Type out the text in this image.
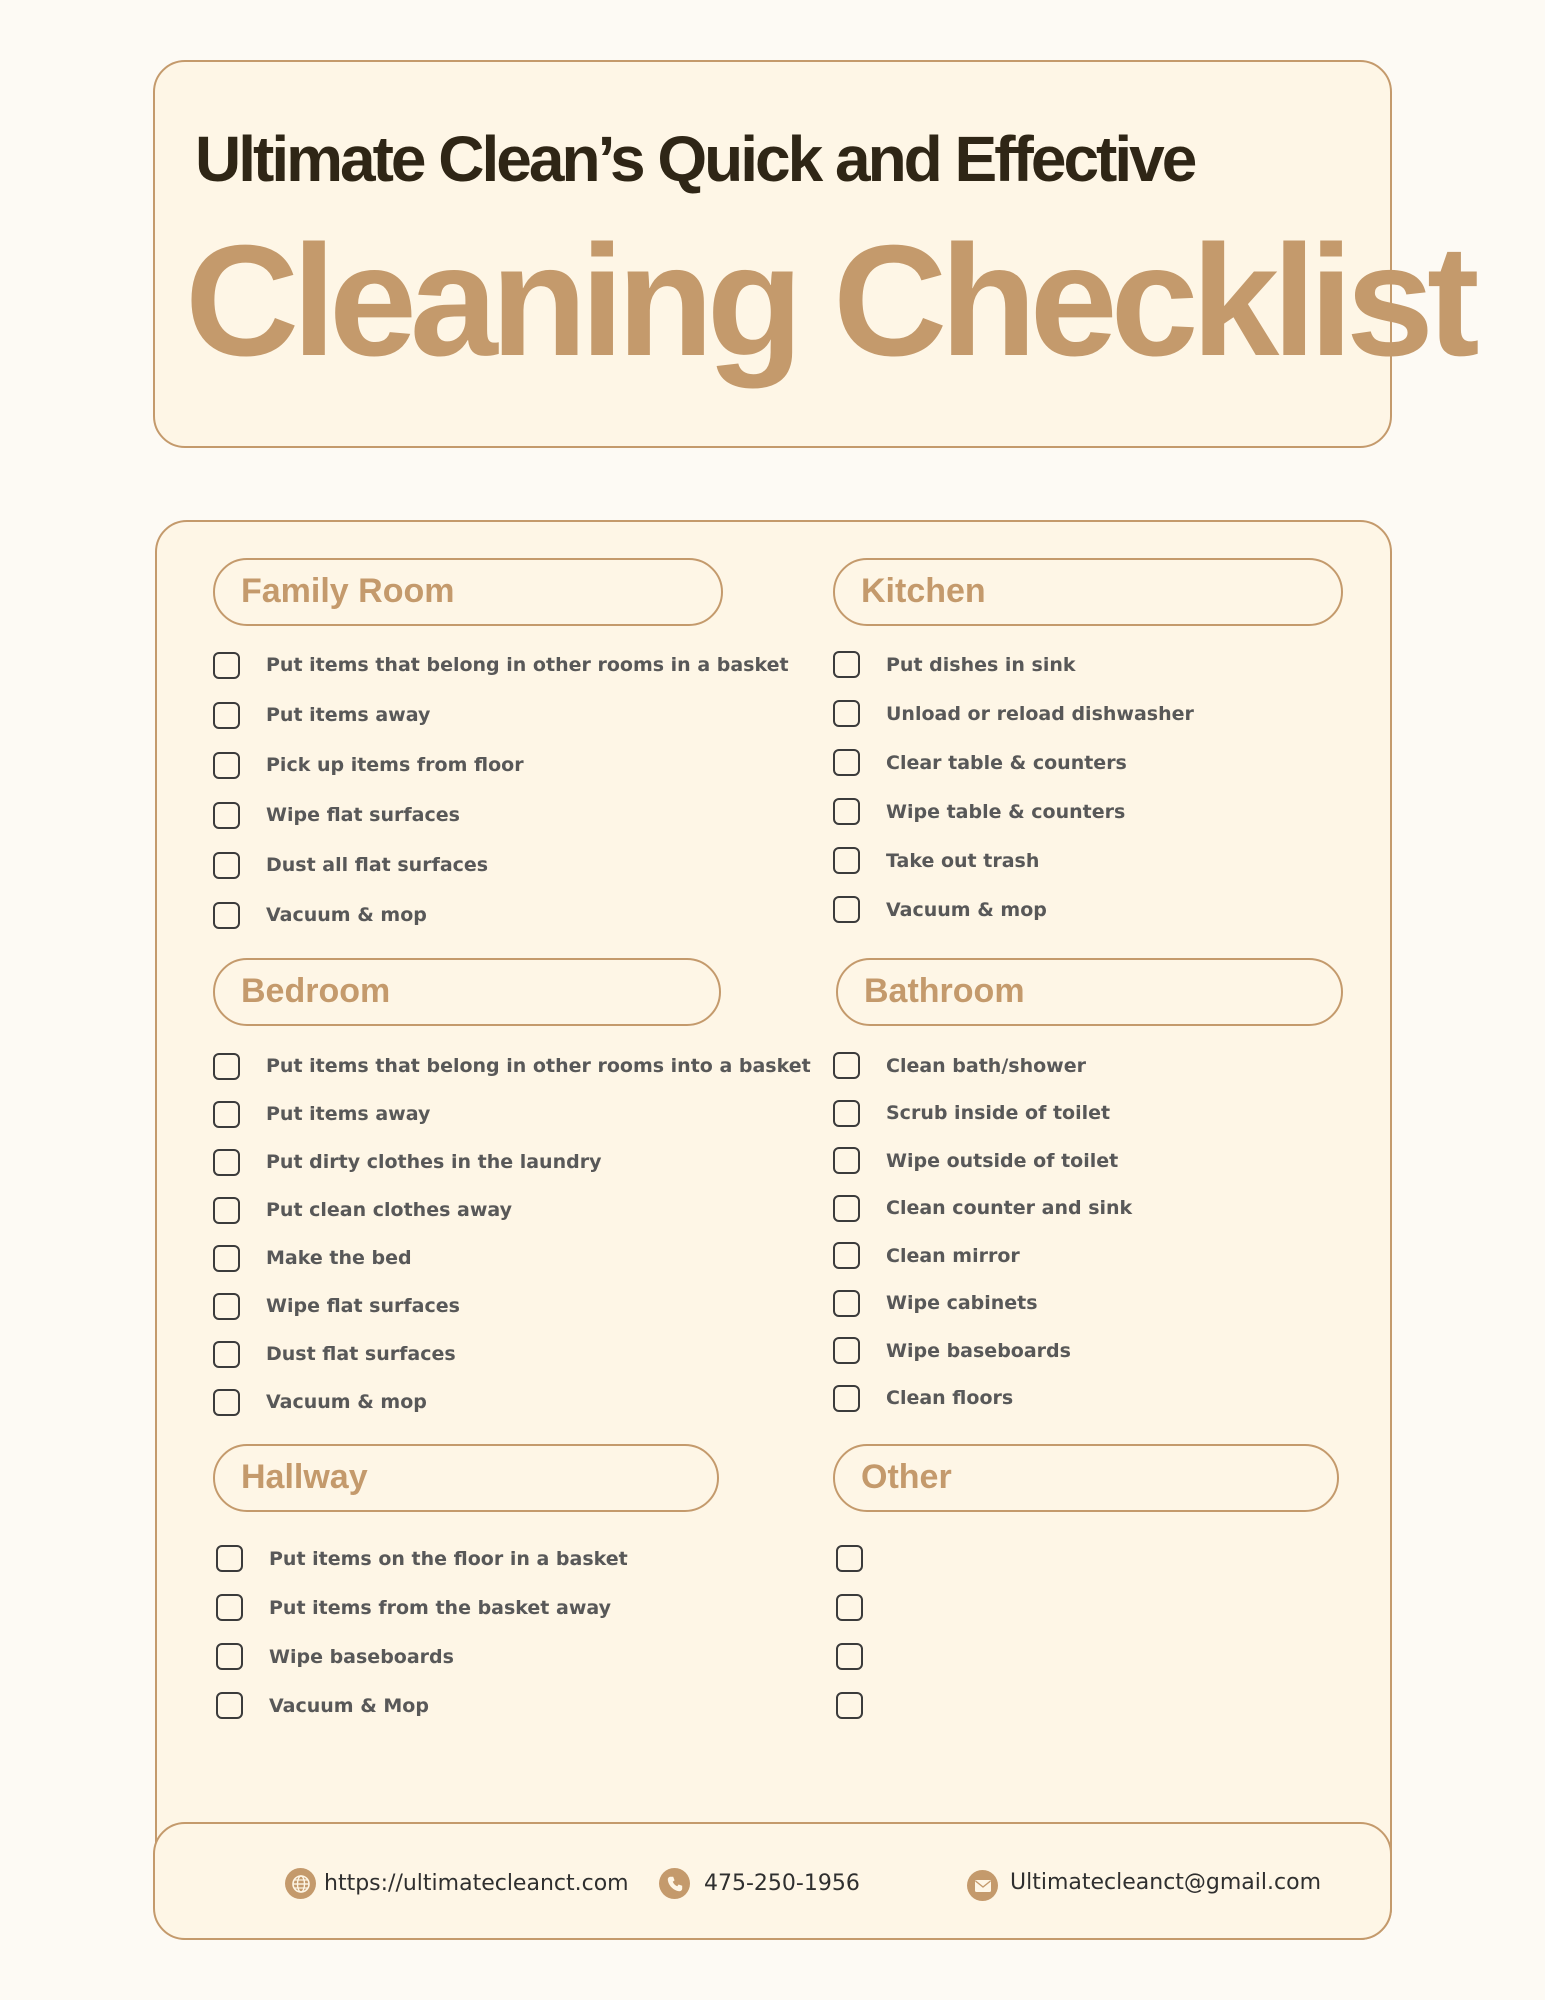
Ultimate Clean’s Quick and Effective
Cleaning Checklist
Family Room
Put items that belong in other rooms in a basket
Put items away
Pick up items from floor
Wipe flat surfaces
Dust all flat surfaces
Vacuum & mop
Kitchen
Put dishes in sink
Unload or reload dishwasher
Clear table & counters
Wipe table & counters
Take out trash
Vacuum & mop
Bedroom
Put items that belong in other rooms into a basket
Put items away
Put dirty clothes in the laundry
Put clean clothes away
Make the bed
Wipe flat surfaces
Dust flat surfaces
Vacuum & mop
Bathroom
Clean bath/shower
Scrub inside of toilet
Wipe outside of toilet
Clean counter and sink
Clean mirror
Wipe cabinets
Wipe baseboards
Clean floors
Hallway
Put items on the floor in a basket
Put items from the basket away
Wipe baseboards
Vacuum & Mop
Other
https://ultimatecleanct.com	475-250-1956	Ultimatecleanct@gmail.com
